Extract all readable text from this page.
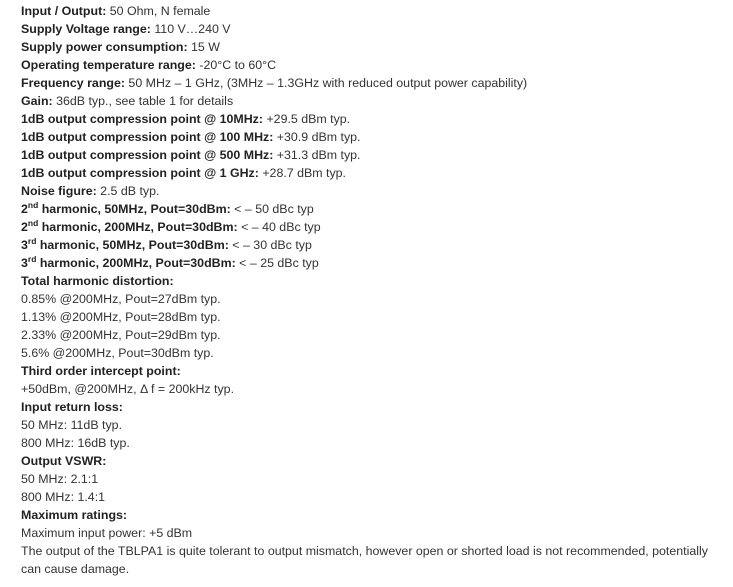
Input / Output: 50 Ohm, N female
Supply Voltage range: 110 V…240 V
Supply power consumption: 15 W
Operating temperature range: -20°C to 60°C
Frequency range: 50 MHz – 1 GHz, (3MHz – 1.3GHz with reduced output power capability)
Gain: 36dB typ., see table 1 for details
1dB output compression point @ 10MHz: +29.5 dBm typ.
1dB output compression point @ 100 MHz: +30.9 dBm typ.
1dB output compression point @ 500 MHz: +31.3 dBm typ.
1dB output compression point @ 1 GHz: +28.7 dBm typ.
Noise figure: 2.5 dB typ.
2nd harmonic, 50MHz, Pout=30dBm: < – 50 dBc typ
2nd harmonic, 200MHz, Pout=30dBm: < – 40 dBc typ
3rd harmonic, 50MHz, Pout=30dBm: < – 30 dBc typ
3rd harmonic, 200MHz, Pout=30dBm: < – 25 dBc typ
Total harmonic distortion:
0.85% @200MHz, Pout=27dBm typ.
1.13% @200MHz, Pout=28dBm typ.
2.33% @200MHz, Pout=29dBm typ.
5.6% @200MHz, Pout=30dBm typ.
Third order intercept point:
+50dBm, @200MHz, Δ f = 200kHz typ.
Input return loss:
50 MHz: 11dB typ.
800 MHz: 16dB typ.
Output VSWR:
50 MHz: 2.1:1
800 MHz: 1.4:1
Maximum ratings:
Maximum input power: +5 dBm
The output of the TBLPA1 is quite tolerant to output mismatch, however open or shorted load is not recommended, potentially can cause damage.
